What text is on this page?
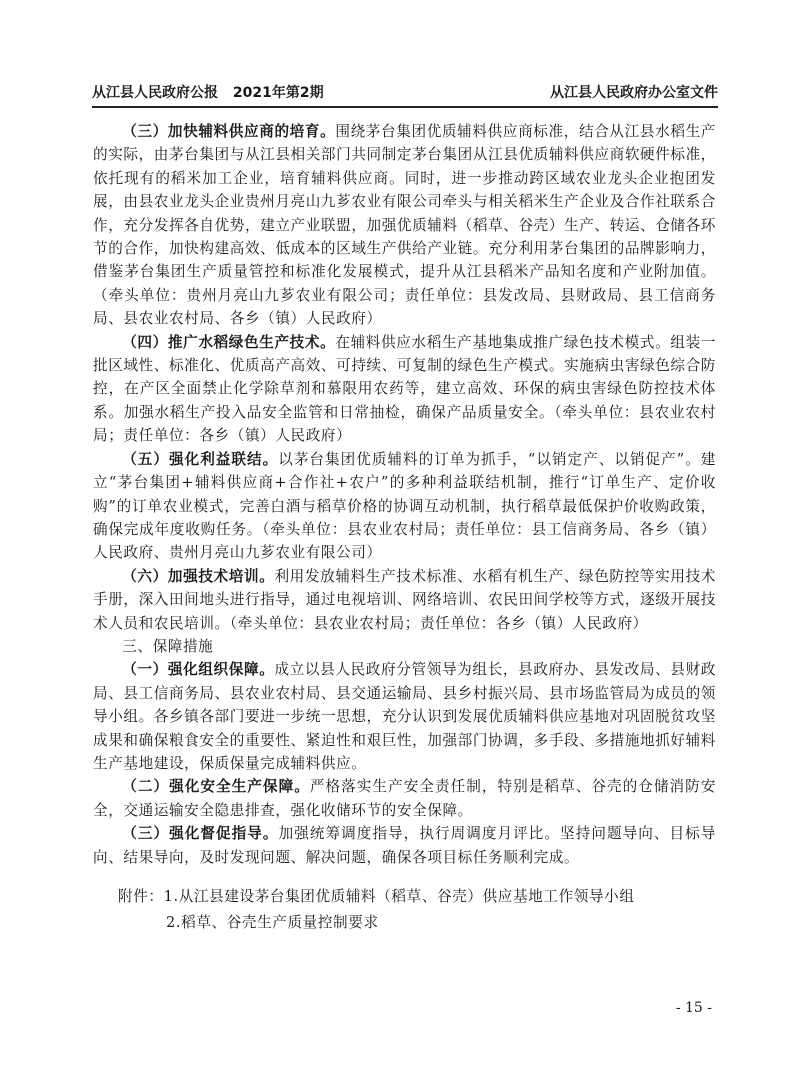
从江县人民政府公报 2021年第2期	从江县人民政府办公室文件

（三）加快辅料供应商的培育。围绕茅台集团优质辅料供应商标准，结合从江县水稻生产的实际，由茅台集团与从江县相关部门共同制定茅台集团从江县优质辅料供应商软硬件标准，依托现有的稻米加工企业，培育辅料供应商。同时，进一步推动跨区域农业龙头企业抱团发展，由县农业龙头企业贵州月亮山九芗农业有限公司牵头与相关稻米生产企业及合作社联系合作，充分发挥各自优势，建立产业联盟，加强优质辅料（稻草、谷壳）生产、转运、仓储各环节的合作，加快构建高效、低成本的区域生产供给产业链。充分利用茅台集团的品牌影响力，借鉴茅台集团生产质量管控和标准化发展模式，提升从江县稻米产品知名度和产业附加值。（牵头单位：贵州月亮山九芗农业有限公司；责任单位：县发改局、县财政局、县工信商务局、县农业农村局、各乡（镇）人民政府）

（四）推广水稻绿色生产技术。在辅料供应水稻生产基地集成推广绿色技术模式。组装一批区域性、标准化、优质高产高效、可持续、可复制的绿色生产模式。实施病虫害绿色综合防控，在产区全面禁止化学除草剂和慕限用农药等，建立高效、环保的病虫害绿色防控技术体系。加强水稻生产投入品安全监管和日常抽检，确保产品质量安全。（牵头单位：县农业农村局；责任单位：各乡（镇）人民政府）

（五）强化利益联结。以茅台集团优质辅料的订单为抓手，“以销定产、以销促产”。建立“茅台集团+辅料供应商+合作社+农户”的多种利益联结机制，推行“订单生产、定价收购”的订单农业模式，完善白酒与稻草价格的协调互动机制，执行稻草最低保护价收购政策，确保完成年度收购任务。（牵头单位：县农业农村局；责任单位：县工信商务局、各乡（镇）人民政府、贵州月亮山九芗农业有限公司）

（六）加强技术培训。利用发放辅料生产技术标准、水稻有机生产、绿色防控等实用技术手册，深入田间地头进行指导，通过电视培训、网络培训、农民田间学校等方式，逐级开展技术人员和农民培训。（牵头单位：县农业农村局；责任单位：各乡（镇）人民政府）

三、保障措施

（一）强化组织保障。成立以县人民政府分管领导为组长，县政府办、县发改局、县财政局、县工信商务局、县农业农村局、县交通运输局、县乡村振兴局、县市场监管局为成员的领导小组。各乡镇各部门要进一步统一思想，充分认识到发展优质辅料供应基地对巩固脱贫攻坚成果和确保粮食安全的重要性、紧迫性和艰巨性，加强部门协调，多手段、多措施地抓好辅料生产基地建设，保质保量完成辅料供应。

（二）强化安全生产保障。严格落实生产安全责任制，特别是稻草、谷壳的仓储消防安全，交通运输安全隐患排查，强化收储环节的安全保障。

（三）强化督促指导。加强统筹调度指导，执行周调度月评比。坚持问题导向、目标导向、结果导向，及时发现问题、解决问题，确保各项目标任务顺利完成。

附件：1.从江县建设茅台集团优质辅料（稻草、谷壳）供应基地工作领导小组
2.稻草、谷壳生产质量控制要求
- 15 -
